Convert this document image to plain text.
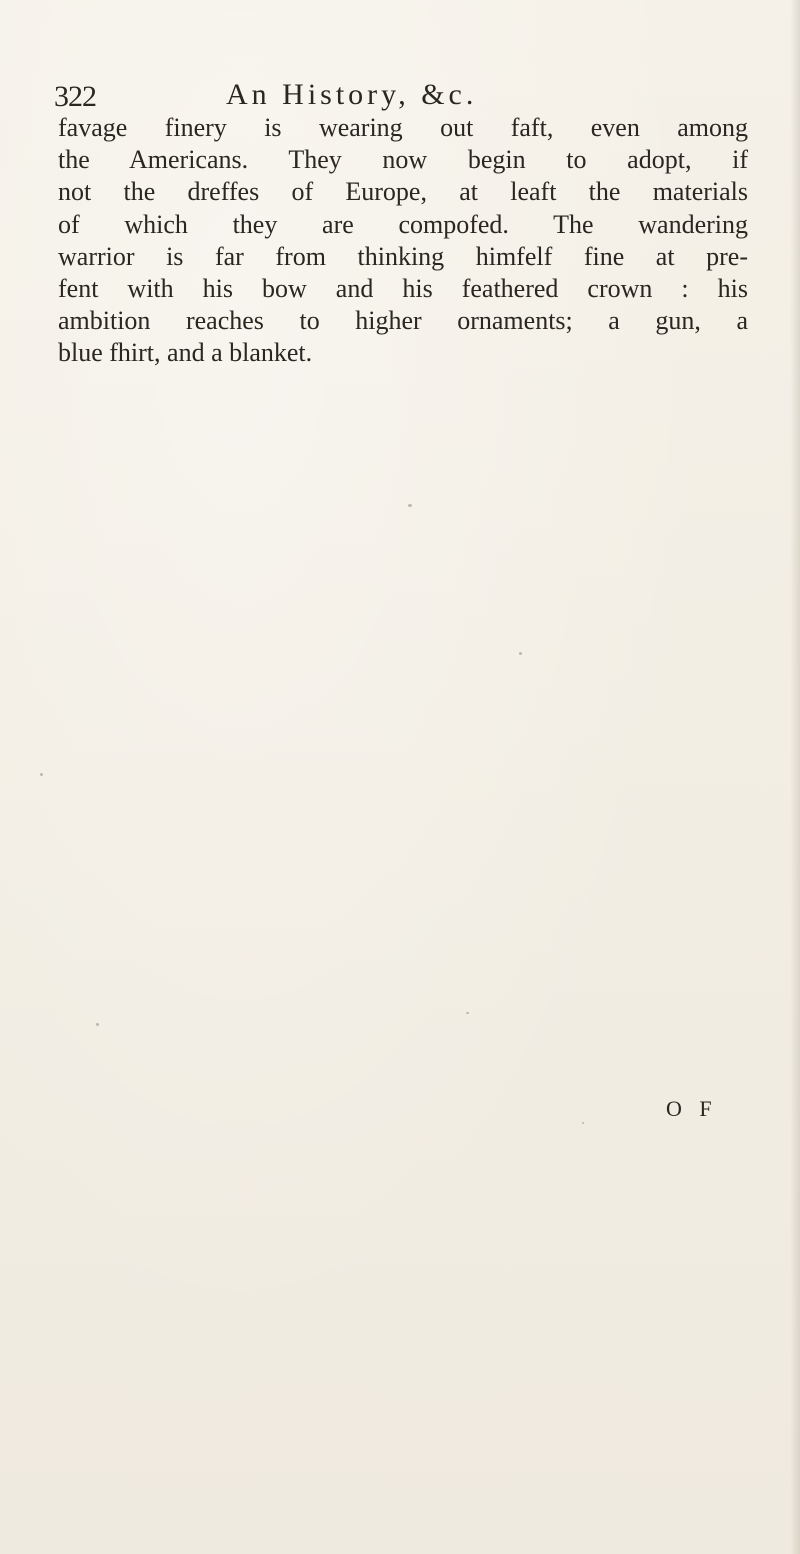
322	An History, &c.
favage finery is wearing out faft, even among
the Americans. They now begin to adopt, if
not the dreffes of Europe, at leaft the materials
of which they are compofed. The wandering
warrior is far from thinking himfelf fine at pre-
fent with his bow and his feathered crown : his
ambition reaches to higher ornaments; a gun, a
blue fhirt, and a blanket.
O F
